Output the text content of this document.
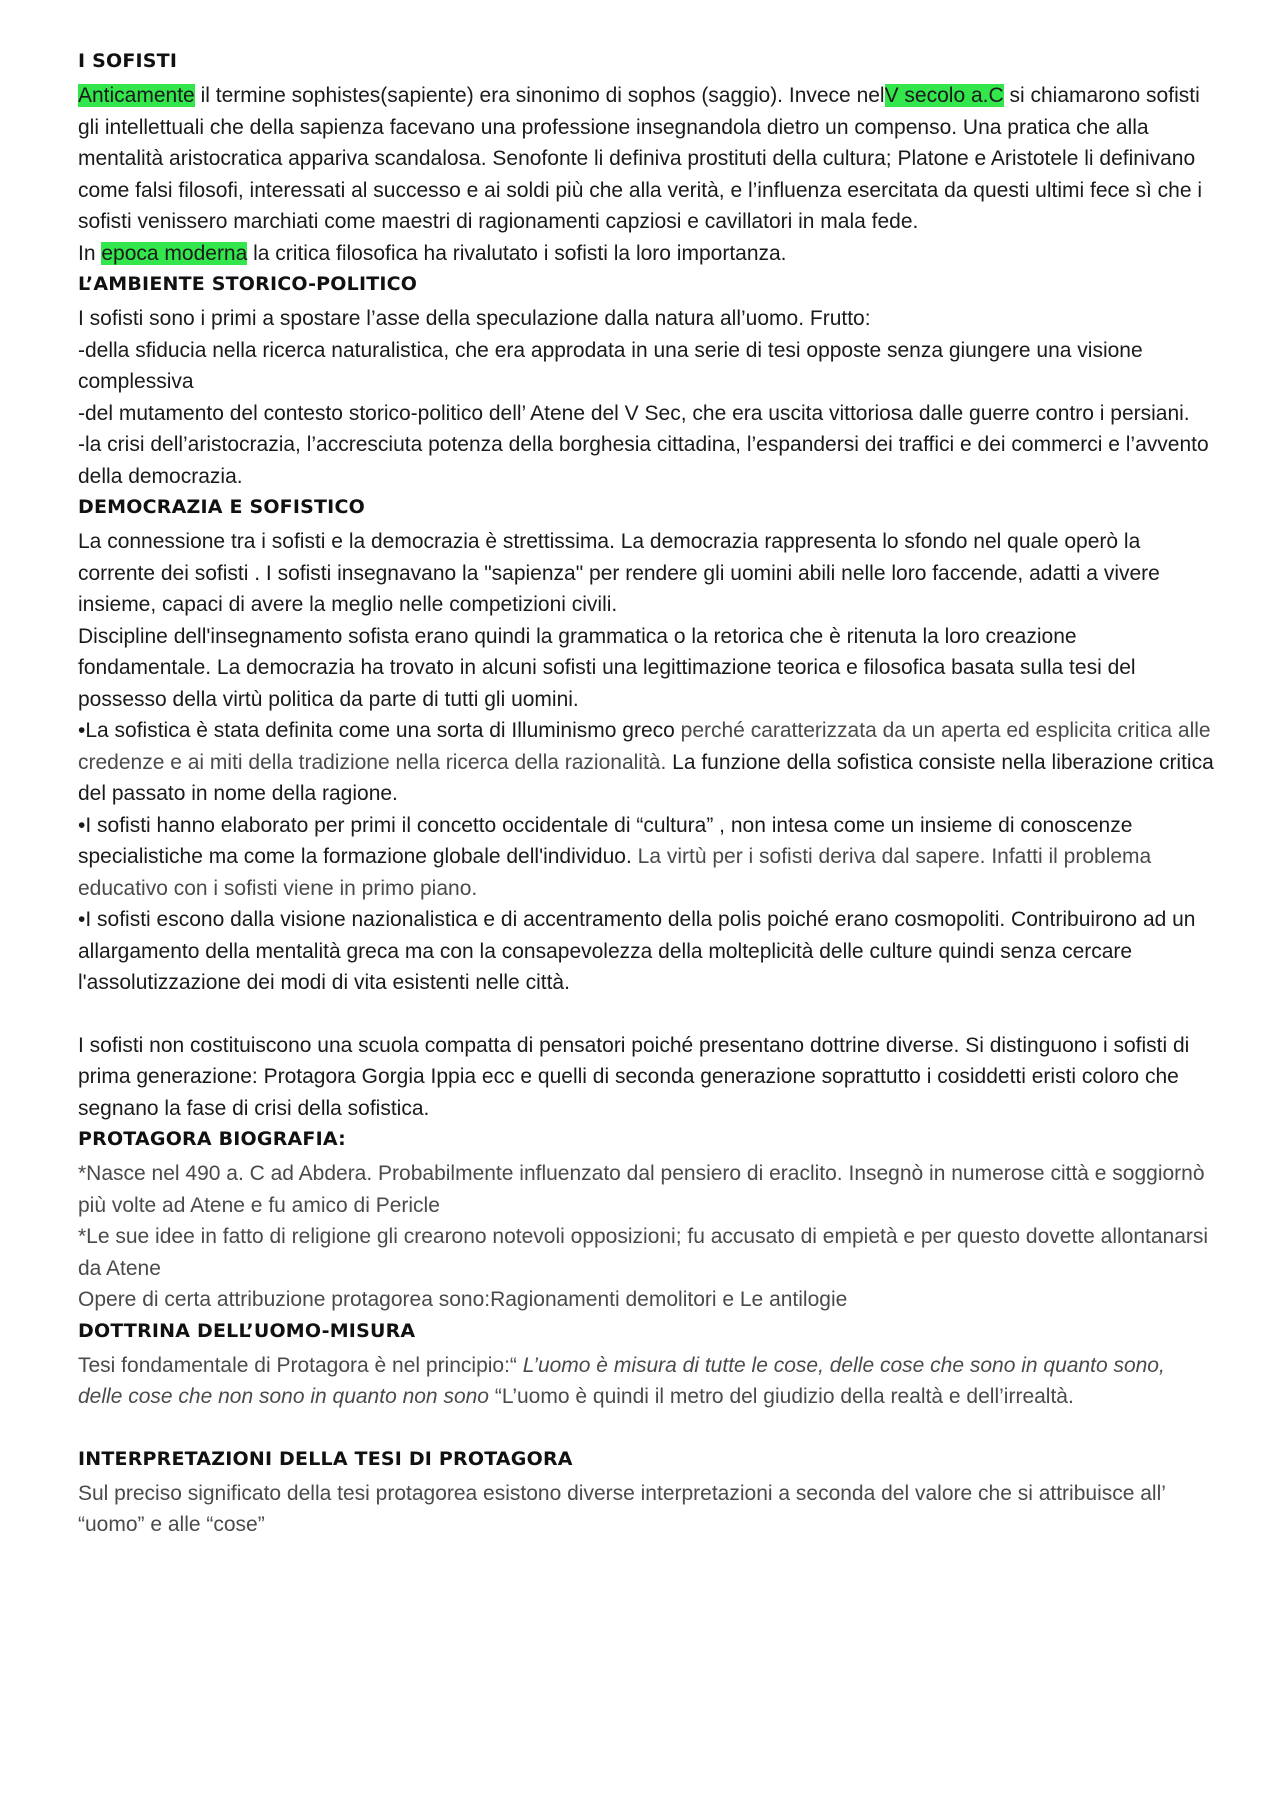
I SOFISTI

Anticamente il termine sophistes(sapiente) era sinonimo di sophos (saggio). Invece nelV secolo a.C si chiamarono sofisti gli intellettuali che della sapienza facevano una professione insegnandola dietro un compenso. Una pratica che alla mentalità aristocratica appariva scandalosa. Senofonte li definiva prostituti della cultura; Platone e Aristotele li definivano come falsi filosofi, interessati al successo e ai soldi più che alla verità, e l’influenza esercitata da questi ultimi fece sì che i sofisti venissero marchiati come maestri di ragionamenti capziosi e cavillatori in mala fede.

In epoca moderna la critica filosofica ha rivalutato i sofisti la loro importanza.

L’AMBIENTE STORICO-POLITICO

I sofisti sono i primi a spostare l’asse della speculazione dalla natura all’uomo. Frutto:

-della sfiducia nella ricerca naturalistica, che era approdata in una serie di tesi opposte senza giungere una visione complessiva

-del mutamento del contesto storico-politico dell’ Atene del V Sec, che era uscita vittoriosa dalle guerre contro i persiani.

-la crisi dell’aristocrazia, l’accresciuta potenza della borghesia cittadina, l’espandersi dei traffici e dei commerci e l’avvento della democrazia.

DEMOCRAZIA E SOFISTICO

La connessione tra i sofisti e la democrazia è strettissima. La democrazia rappresenta lo sfondo nel quale operò la corrente dei sofisti . I sofisti insegnavano la "sapienza" per rendere gli uomini abili nelle loro faccende, adatti a vivere insieme, capaci di avere la meglio nelle competizioni civili.

Discipline dell'insegnamento sofista erano quindi la grammatica o la retorica che è ritenuta la loro creazione fondamentale. La democrazia ha trovato in alcuni sofisti una legittimazione teorica e filosofica basata sulla tesi del possesso della virtù politica da parte di tutti gli uomini.

•La sofistica è stata definita come una sorta di Illuminismo greco perché caratterizzata da un aperta ed esplicita critica alle credenze e ai miti della tradizione nella ricerca della razionalità. La funzione della sofistica consiste nella liberazione critica del passato in nome della ragione.

•I sofisti hanno elaborato per primi il concetto occidentale di “cultura” , non intesa come un insieme di conoscenze specialistiche ma come la formazione globale dell'individuo. La virtù per i sofisti deriva dal sapere. Infatti il problema educativo con i sofisti viene in primo piano.

•I sofisti escono dalla visione nazionalistica e di accentramento della polis poiché erano cosmopoliti. Contribuirono ad un allargamento della mentalità greca ma con la consapevolezza della molteplicità delle culture quindi senza cercare l'assolutizzazione dei modi di vita esistenti nelle città.

I sofisti non costituiscono una scuola compatta di pensatori poiché presentano dottrine diverse. Si distinguono i sofisti di prima generazione: Protagora Gorgia Ippia ecc e quelli di seconda generazione soprattutto i cosiddetti eristi coloro che segnano la fase di crisi della sofistica.

PROTAGORA BIOGRAFIA:

*Nasce nel 490 a. C ad Abdera. Probabilmente influenzato dal pensiero di eraclito. Insegnò in numerose città e soggiornò più volte ad Atene e fu amico di Pericle

*Le sue idee in fatto di religione gli crearono notevoli opposizioni; fu accusato di empietà e per questo dovette allontanarsi da Atene

Opere di certa attribuzione protagorea sono:Ragionamenti demolitori e Le antilogie

DOTTRINA DELL’UOMO-MISURA

Tesi fondamentale di Protagora è nel principio:“ L’uomo è misura di tutte le cose, delle cose che sono in quanto sono, delle cose che non sono in quanto non sono “L’uomo è quindi il metro del giudizio della realtà e dell’irrealtà.

INTERPRETAZIONI DELLA TESI DI PROTAGORA

Sul preciso significato della tesi protagorea esistono diverse interpretazioni a seconda del valore che si attribuisce all’ “uomo” e alle “cose”
